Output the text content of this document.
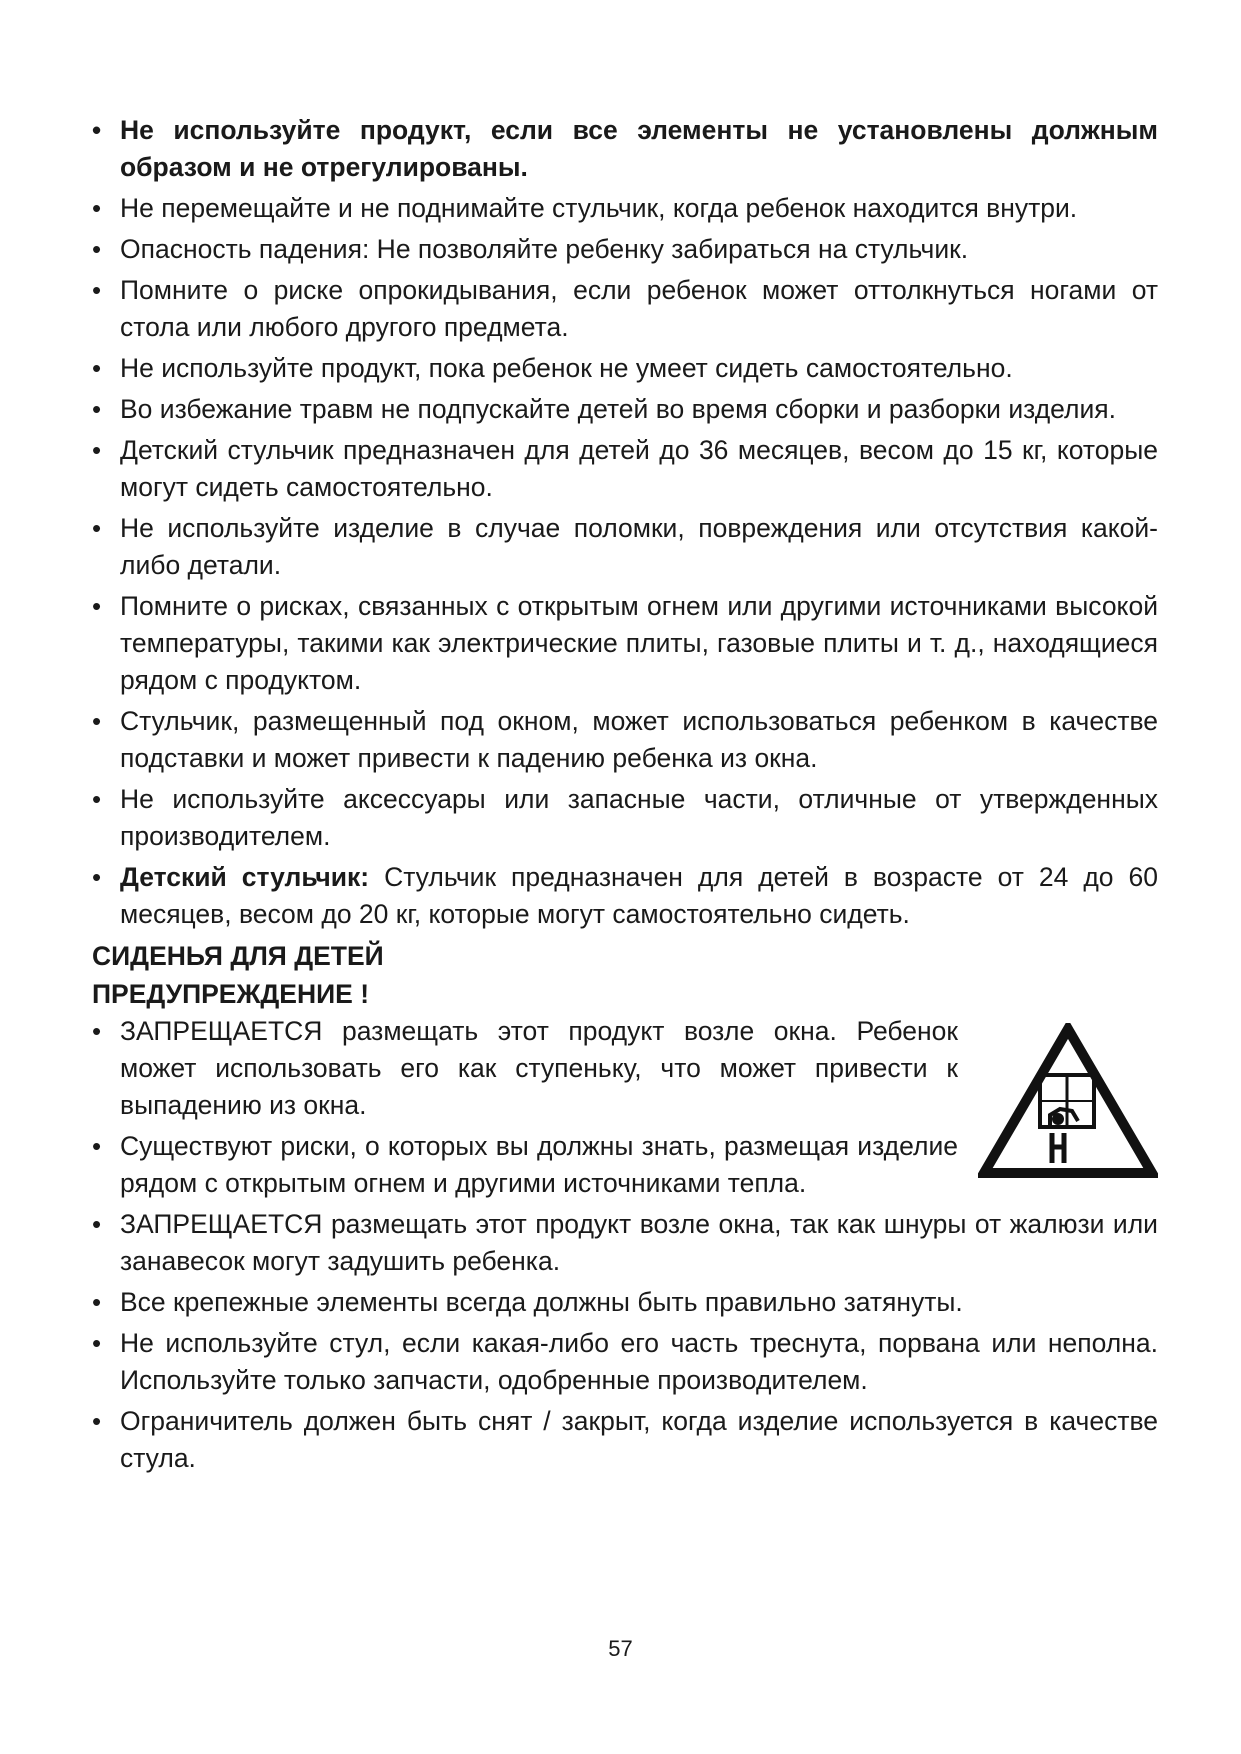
• Не используйте продукт, если все элементы не установлены должным образом и не отрегулированы.
• Не перемещайте и не поднимайте стульчик, когда ребенок находится внутри.
• Опасность падения: Не позволяйте ребенку забираться на стульчик.
• Помните о риске опрокидывания, если ребенок может оттолкнуться ногами от стола или любого другого предмета.
• Не используйте продукт, пока ребенок не умеет сидеть самостоятельно.
• Во избежание травм не подпускайте детей во время сборки и разборки изделия.
• Детский стульчик предназначен для детей до 36 месяцев, весом до 15 кг, которые могут сидеть самостоятельно.
• Не используйте изделие в случае поломки, повреждения или отсутствия какой-либо детали.
• Помните о рисках, связанных с открытым огнем или другими источниками высокой температуры, такими как электрические плиты, газовые плиты и т. д., находящиеся рядом с продуктом.
• Стульчик, размещенный под окном, может использоваться ребенком в качестве подставки и может привести к падению ребенка из окна.
• Не используйте аксессуары или запасные части, отличные от утвержденных производителем.
• Детский стульчик: Стульчик предназначен для детей в возрасте от 24 до 60 месяцев, весом до 20 кг, которые могут самостоятельно сидеть.
СИДЕНЬЯ ДЛЯ ДЕТЕЙ
ПРЕДУПРЕЖДЕНИЕ !
• ЗАПРЕЩАЕТСЯ размещать этот продукт возле окна. Ребенок может использовать его как ступеньку, что может привести к выпадению из окна.
• Существуют риски, о которых вы должны знать, размещая изделие рядом с открытым огнем и другими источниками тепла.
• ЗАПРЕЩАЕТСЯ размещать этот продукт возле окна, так как шнуры от жалюзи или занавесок могут задушить ребенка.
• Все крепежные элементы всегда должны быть правильно затянуты.
• Не используйте стул, если какая-либо его часть треснута, порвана или неполна. Используйте только запчасти, одобренные производителем.
• Ограничитель должен быть снят / закрыт, когда изделие используется в качестве стула.
57
